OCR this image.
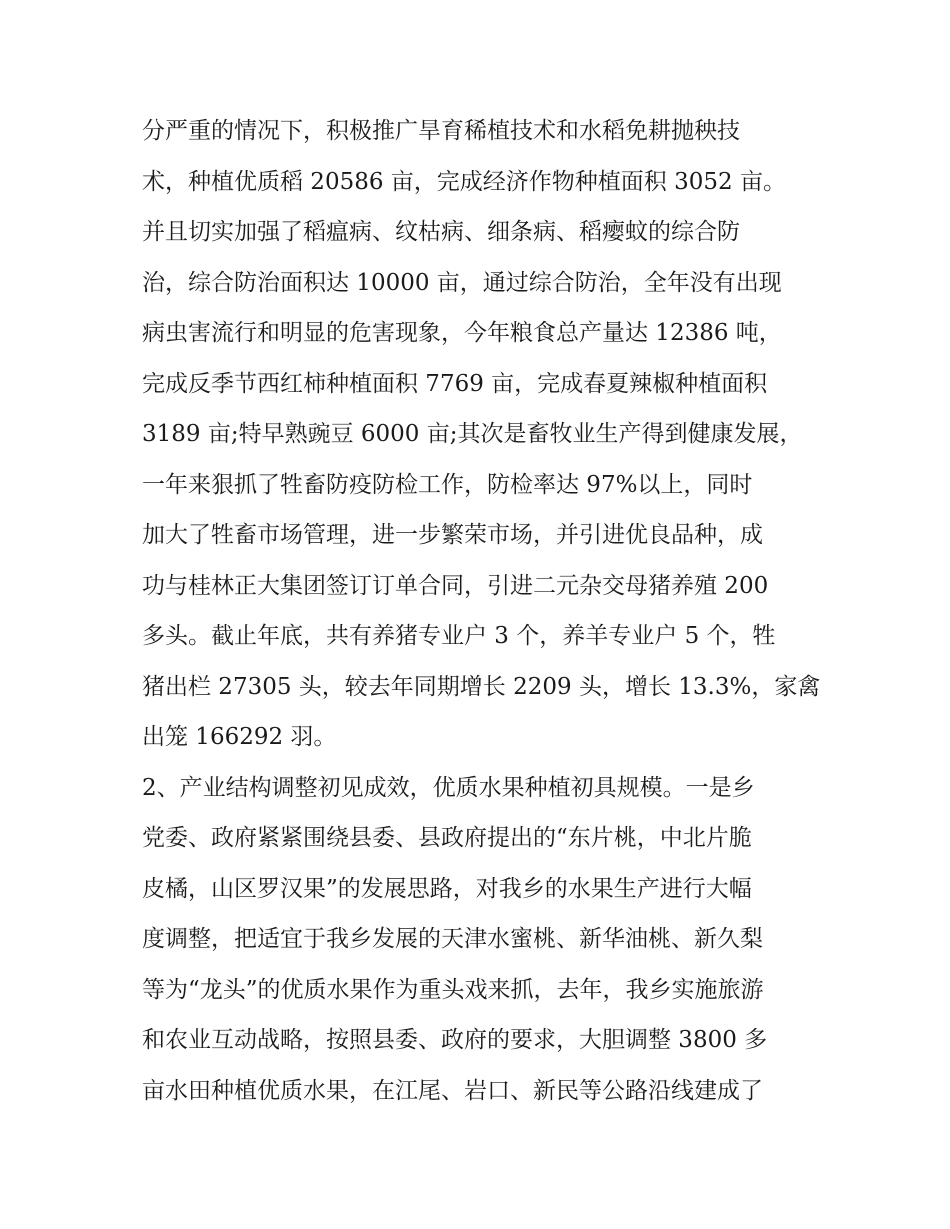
分严重的情况下，积极推广旱育稀植技术和水稻免耕抛秧技
术，种植优质稻 20586 亩，完成经济作物种植面积 3052 亩。
并且切实加强了稻瘟病、纹枯病、细条病、稻瘿蚊的综合防
治，综合防治面积达 10000 亩，通过综合防治，全年没有出现
病虫害流行和明显的危害现象，今年粮食总产量达 12386 吨，
完成反季节西红柿种植面积 7769 亩，完成春夏辣椒种植面积
3189 亩;特早熟豌豆 6000 亩;其次是畜牧业生产得到健康发展，
一年来狠抓了牲畜防疫防检工作，防检率达 97%以上，同时
加大了牲畜市场管理，进一步繁荣市场，并引进优良品种，成
功与桂林正大集团签订订单合同，引进二元杂交母猪养殖 200
多头。截止年底，共有养猪专业户 3 个，养羊专业户 5 个，牲
猪出栏 27305 头，较去年同期增长 2209 头，增长 13.3%，家禽
出笼 166292 羽。
2、产业结构调整初见成效，优质水果种植初具规模。一是乡
党委、政府紧紧围绕县委、县政府提出的“东片桃，中北片脆
皮橘，山区罗汉果”的发展思路，对我乡的水果生产进行大幅
度调整，把适宜于我乡发展的天津水蜜桃、新华油桃、新久梨
等为“龙头”的优质水果作为重头戏来抓，去年，我乡实施旅游
和农业互动战略，按照县委、政府的要求，大胆调整 3800 多
亩水田种植优质水果，在江尾、岩口、新民等公路沿线建成了
